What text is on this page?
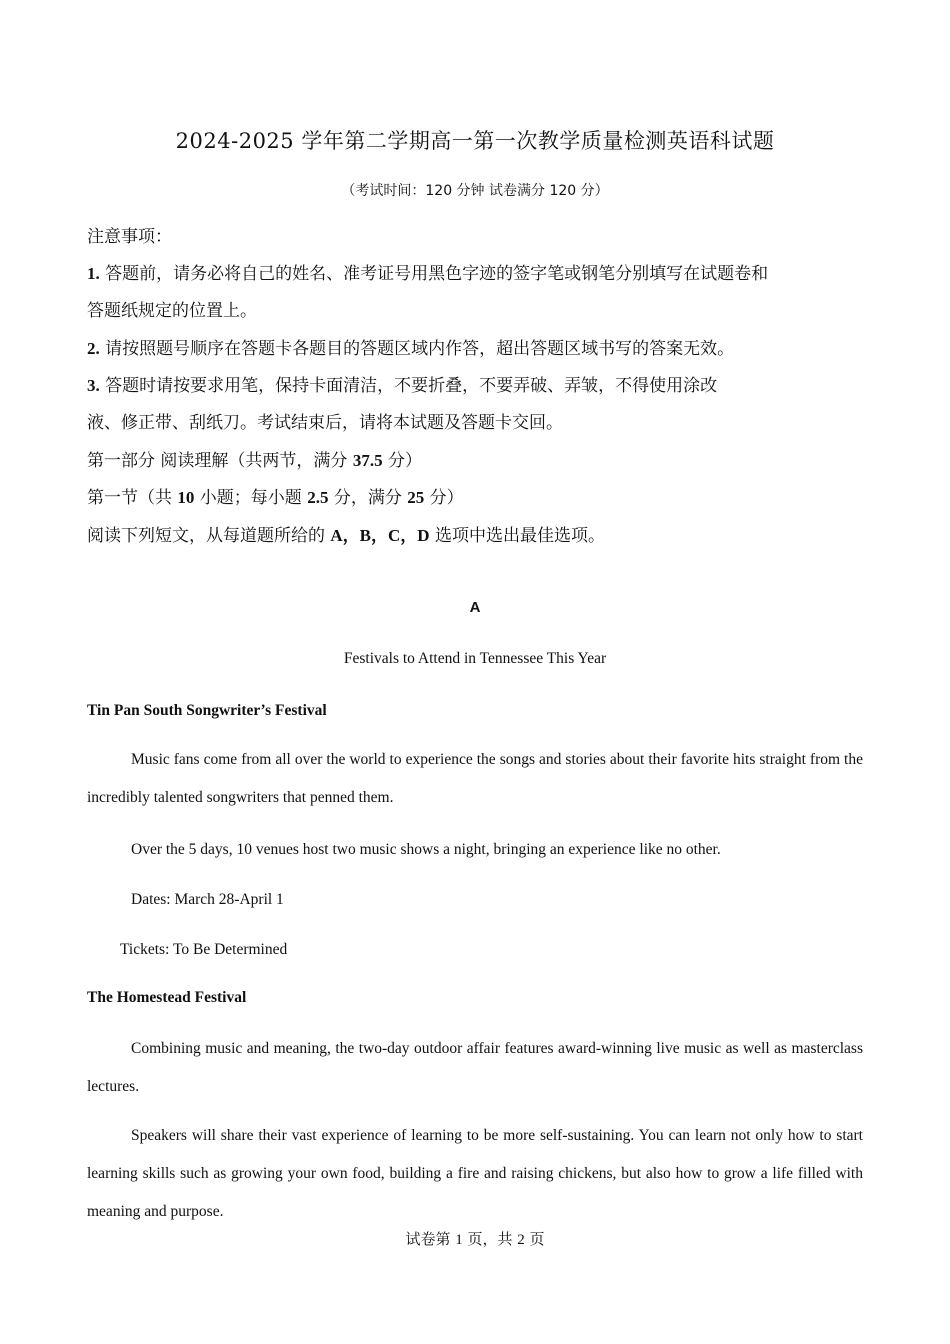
2024-2025 学年第二学期高一第一次教学质量检测英语科试题
（考试时间：120 分钟 试卷满分 120 分）
注意事项：
1. 答题前，请务必将自己的姓名、准考证号用黑色字迹的签字笔或钢笔分别填写在试题卷和
答题纸规定的位置上。
2. 请按照题号顺序在答题卡各题目的答题区域内作答，超出答题区域书写的答案无效。
3. 答题时请按要求用笔，保持卡面清洁，不要折叠，不要弄破、弄皱，不得使用涂改
液、修正带、刮纸刀。考试结束后，请将本试题及答题卡交回。
第一部分 阅读理解（共两节，满分 37.5 分）
第一节（共 10 小题；每小题 2.5 分，满分 25 分）
阅读下列短文，从每道题所给的 A，B，C，D 选项中选出最佳选项。
A
Festivals to Attend in Tennessee This Year
Tin Pan South Songwriter’s Festival
Music fans come from all over the world to experience the songs and stories about their favorite hits straight from the incredibly talented songwriters that penned them.
Over the 5 days, 10 venues host two music shows a night, bringing an experience like no other.
Dates: March 28-April 1
Tickets: To Be Determined
The Homestead Festival
Combining music and meaning, the two-day outdoor affair features award-winning live music as well as masterclass lectures.
Speakers will share their vast experience of learning to be more self-sustaining. You can learn not only how to start learning skills such as growing your own food, building a fire and raising chickens, but also how to grow a life filled with meaning and purpose.
试卷第 1 页，共 2 页
